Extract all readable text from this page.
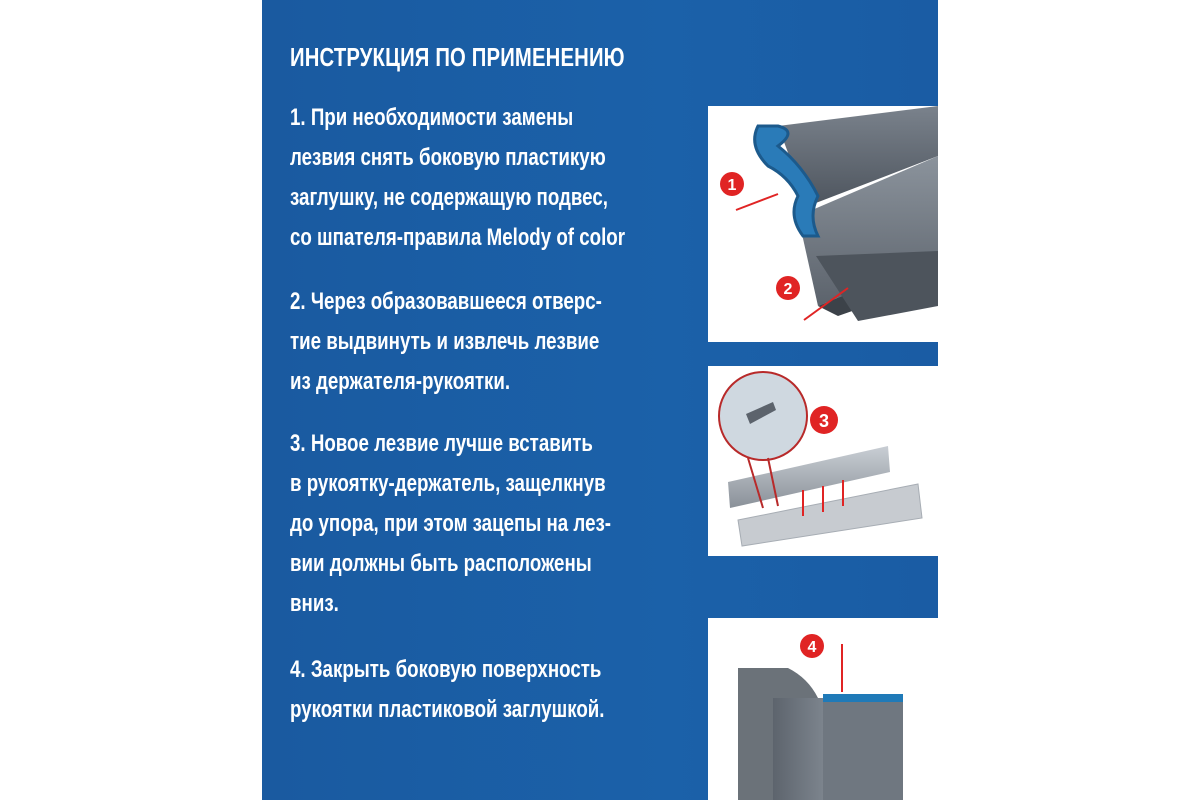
ИНСТРУКЦИЯ ПО ПРИМЕНЕНИЮ
1. При необходимости замены
лезвия снять боковую пластикую
заглушку, не содержащую подвес,
со шпателя-правила Melody of color
2. Через образовавшееся отверс-
тие выдвинуть и извлечь лезвие
из держателя-рукоятки.
3. Новое лезвие лучше вставить
в рукоятку-держатель, защелкнув
до упора, при этом зацепы на лез-
вии должны быть расположены
вниз.
4. Закрыть боковую поверхность
рукоятки пластиковой заглушкой.
1
2
3
4
